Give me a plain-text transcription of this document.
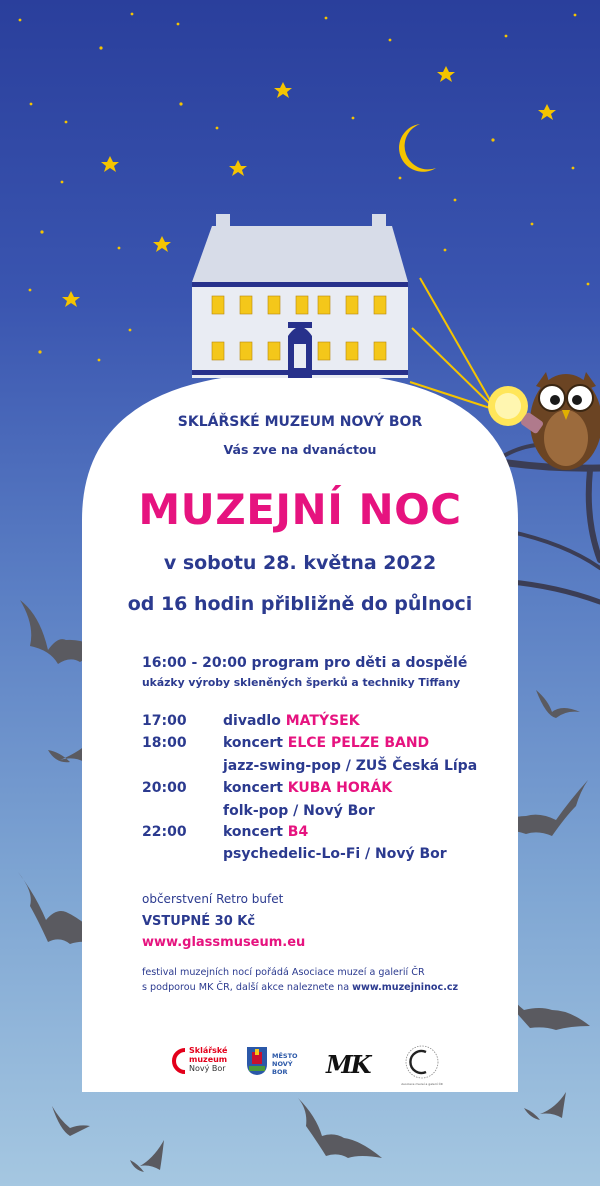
SKLÁŘSKÉ MUZEUM NOVÝ BOR
Vás zve na dvanáctou
MUZEJNÍ NOC
v sobotu 28. května 2022
od 16 hodin přibližně do půlnoci
16:00 - 20:00 program pro děti a dospělé
ukázky výroby skleněných šperků a techniky Tiffany
17:00	divadlo MATÝSEK
18:00	koncert ELCE PELZE BAND
jazz-swing-pop / ZUŠ Česká Lípa
20:00	koncert KUBA HORÁK
folk-pop / Nový Bor
22:00	koncert B4
psychedelic-Lo-Fi / Nový Bor
občerstvení Retro bufet
VSTUPNÉ 30 Kč
www.glassmuseum.eu
festival muzejních nocí pořádá Asociace muzeí a galerií ČR
s podporou MK ČR, další akce naleznete na www.muzejninoc.cz
Sklářské
muzeum
Nový Bor
MĚSTO
NOVÝ BOR	MK
Asociace muzeí a galerií ČR
